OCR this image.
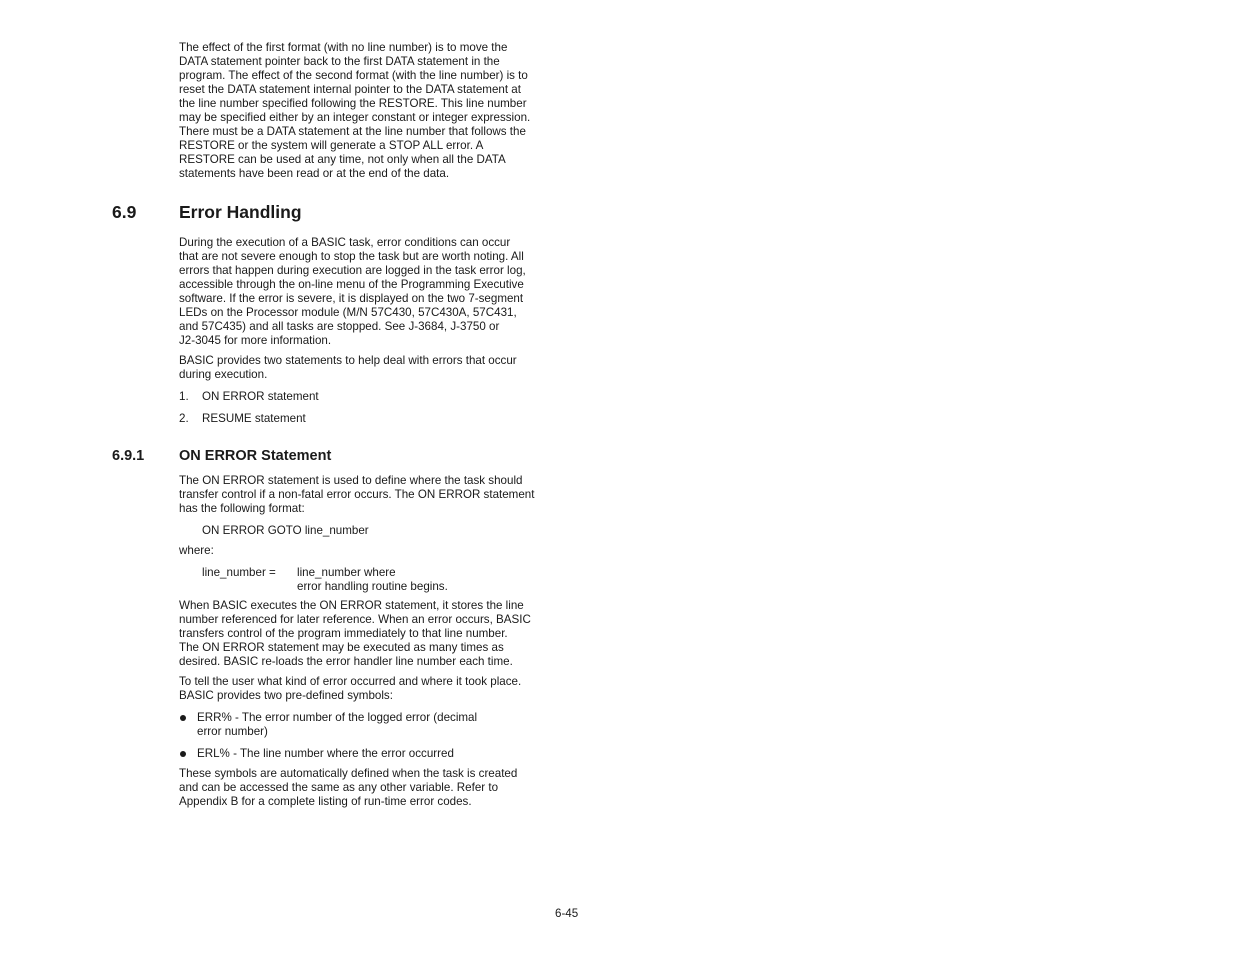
The effect of the first format (with no line number) is to move the
DATA statement pointer back to the first DATA statement in the
program. The effect of the second format (with the line number) is to
reset the DATA statement internal pointer to the DATA statement at
the line number specified following the RESTORE. This line number
may be specified either by an integer constant or integer expression.
There must be a DATA statement at the line number that follows the
RESTORE or the system will generate a STOP ALL error. A
RESTORE can be used at any time, not only when all the DATA
statements have been read or at the end of the data.
6.9 Error Handling
During the execution of a BASIC task, error conditions can occur
that are not severe enough to stop the task but are worth noting. All
errors that happen during execution are logged in the task error log,
accessible through the on-line menu of the Programming Executive
software. If the error is severe, it is displayed on the two 7-segment
LEDs on the Processor module (M/N 57C430, 57C430A, 57C431,
and 57C435) and all tasks are stopped. See J-3684, J-3750 or
J2-3045 for more information.
BASIC provides two statements to help deal with errors that occur
during execution.
1. ON ERROR statement
2. RESUME statement
6.9.1 ON ERROR Statement
The ON ERROR statement is used to define where the task should
transfer control if a non-fatal error occurs. The ON ERROR statement
has the following format:
ON ERROR GOTO line_number
where:
line_number = line_number where
error handling routine begins.
When BASIC executes the ON ERROR statement, it stores the line
number referenced for later reference. When an error occurs, BASIC
transfers control of the program immediately to that line number.
The ON ERROR statement may be executed as many times as
desired. BASIC re-loads the error handler line number each time.
To tell the user what kind of error occurred and where it took place.
BASIC provides two pre-defined symbols:
ERR% - The error number of the logged error (decimal
error number)
ERL% - The line number where the error occurred
These symbols are automatically defined when the task is created
and can be accessed the same as any other variable. Refer to
Appendix B for a complete listing of run-time error codes.
6-45
